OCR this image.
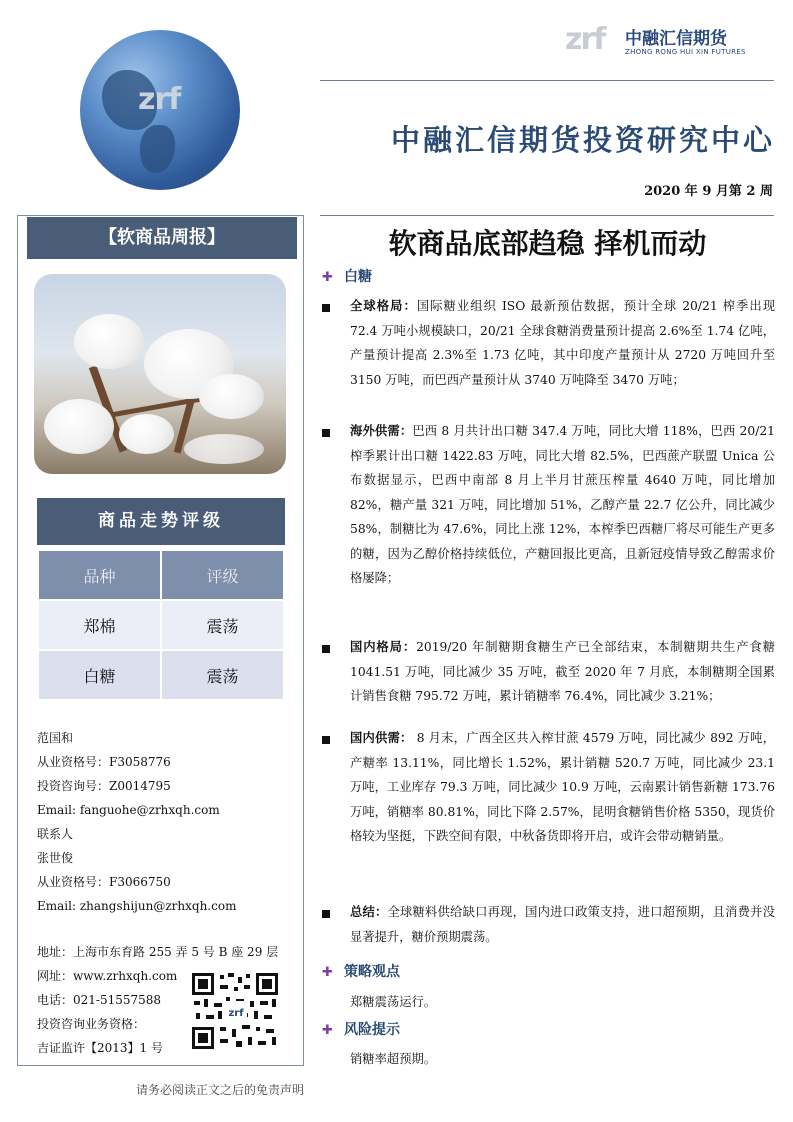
zrf
zrf 中融汇信期货
ZHONG RONG HUI XIN FUTURES
中融汇信期货投资研究中心
2020 年 9 月第 2 周
【软商品周报】
商品走势评级
品种	评级
郑棉	震荡
白糖	震荡
范国和
从业资格号：F3058776
投资咨询号：Z0014795
Email: fanguohe@zrhxqh.com
联系人
张世俊
从业资格号：F3066750
Email: zhangshijun@zrhxqh.com
地址：上海市东育路 255 弄 5 号 B 座 29 层
网址：www.zrhxqh.com
电话：021-51557588
投资咨询业务资格：
吉证监许【2013】1 号
zrf
请务必阅读正文之后的免责声明
软商品底部趋稳 择机而动
✚ 白糖
全球格局：国际糖业组织 ISO 最新预估数据，预计全球 20/21 榨季出现 72.4 万吨小规模缺口，20/21 全球食糖消费量预计提高 2.6%至 1.74 亿吨，产量预计提高 2.3%至 1.73 亿吨，其中印度产量预计从 2720 万吨回升至 3150 万吨，而巴西产量预计从 3740 万吨降至 3470 万吨；
海外供需：巴西 8 月共计出口糖 347.4 万吨，同比大增 118%，巴西 20/21 榨季累计出口糖 1422.83 万吨，同比大增 82.5%，巴西蔗产联盟 Unica 公布数据显示，巴西中南部 8 月上半月甘蔗压榨量 4640 万吨，同比增加 82%，糖产量 321 万吨，同比增加 51%，乙醇产量 22.7 亿公升，同比减少 58%，制糖比为 47.6%，同比上涨 12%，本榨季巴西糖厂将尽可能生产更多的糖，因为乙醇价格持续低位，产糖回报比更高，且新冠疫情导致乙醇需求价格屡降；
国内格局：2019/20 年制糖期食糖生产已全部结束，本制糖期共生产食糖 1041.51 万吨，同比减少 35 万吨，截至 2020 年 7 月底，本制糖期全国累计销售食糖 795.72 万吨，累计销糖率 76.4%，同比减少 3.21%；
国内供需： 8 月末，广西全区共入榨甘蔗 4579 万吨，同比减少 892 万吨，产糖率 13.11%，同比增长 1.52%，累计销糖 520.7 万吨，同比减少 23.1 万吨，工业库存 79.3 万吨，同比减少 10.9 万吨，云南累计销售新糖 173.76 万吨，销糖率 80.81%，同比下降 2.57%，昆明食糖销售价格 5350，现货价格较为坚挺，下跌空间有限，中秋备货即将开启，或许会带动糖销量。
总结：全球糖料供给缺口再现，国内进口政策支持，进口超预期，且消费并没显著提升，糖价预期震荡。
✚ 策略观点
郑糖震荡运行。
✚ 风险提示
销糖率超预期。
